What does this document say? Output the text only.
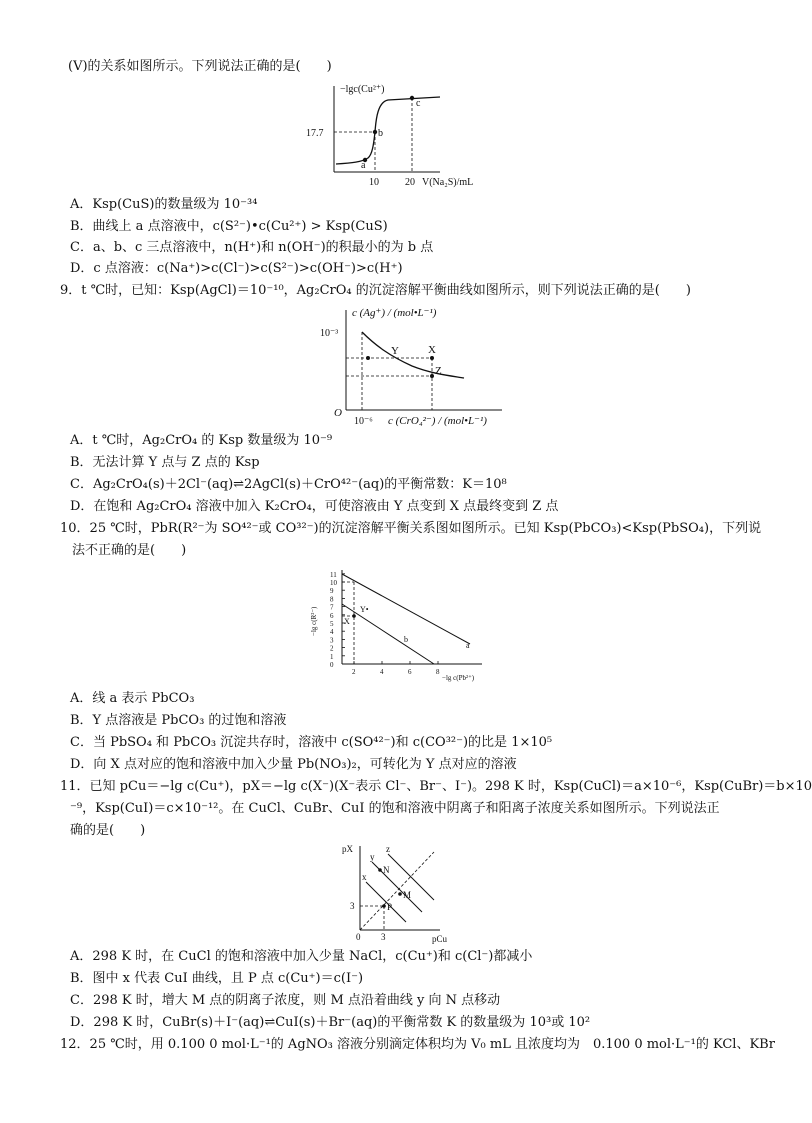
(V)的关系如图所示。下列说法正确的是(　　)
−lgc(Cu²⁺)
17.7
a
b
c
10	20 V(Na₂S)/mL
A．Ksp(CuS)的数量级为 10⁻³⁴
B．曲线上 a 点溶液中，c(S²⁻)•c(Cu²⁺) > Ksp(CuS)
C．a、b、c 三点溶液中，n(H⁺)和 n(OH⁻)的积最小的为 b 点
D．c 点溶液：c(Na⁺)>c(Cl⁻)>c(S²⁻)>c(OH⁻)>c(H⁺)
9．t ℃时，已知：Ksp(AgCl)＝10⁻¹⁰，Ag₂CrO₄ 的沉淀溶解平衡曲线如图所示，则下列说法正确的是(　　)
c (Ag⁺) / (mol•L⁻¹)
10⁻³
Y	X
Z
O
10⁻⁶ c (CrO₄²⁻) / (mol•L⁻¹)
A．t ℃时，Ag₂CrO₄ 的 Ksp 数量级为 10⁻⁹
B．无法计算 Y 点与 Z 点的 Ksp
C．Ag₂CrO₄(s)＋2Cl⁻(aq)⇌2AgCl(s)＋CrO⁴²⁻(aq)的平衡常数：K＝10⁸
D．在饱和 Ag₂CrO₄ 溶液中加入 K₂CrO₄，可使溶液由 Y 点变到 X 点最终变到 Z 点
10．25 ℃时，PbR(R²⁻为 SO⁴²⁻或 CO³²⁻)的沉淀溶解平衡关系图如图所示。已知 Ksp(PbCO₃)<Ksp(PbSO₄)，下列说
法不正确的是(　　)
0
1
2
3
4
5
6
7
8
9
10
11
2	4	6	8
X
Y•
a
b
−lg c(R²⁻)
−lg c(Pb²⁺)
A．线 a 表示 PbCO₃
B．Y 点溶液是 PbCO₃ 的过饱和溶液
C．当 PbSO₄ 和 PbCO₃ 沉淀共存时，溶液中 c(SO⁴²⁻)和 c(CO³²⁻)的比是 1×10⁵
D．向 X 点对应的饱和溶液中加入少量 Pb(NO₃)₂，可转化为 Y 点对应的溶液
11．已知 pCu＝−lg c(Cu⁺)，pX＝−lg c(X⁻)(X⁻表示 Cl⁻、Br⁻、I⁻)。298 K 时，Ksp(CuCl)＝a×10⁻⁶，Ksp(CuBr)＝b×10
⁻⁹，Ksp(CuI)＝c×10⁻¹²。在 CuCl、CuBr、CuI 的饱和溶液中阴离子和阳离子浓度关系如图所示。下列说法正
确的是(　　)
pX
pCu
0
3
3
x
y
z
N
M
P
A．298 K 时，在 CuCl 的饱和溶液中加入少量 NaCl，c(Cu⁺)和 c(Cl⁻)都减小
B．图中 x 代表 CuI 曲线，且 P 点 c(Cu⁺)＝c(I⁻)
C．298 K 时，增大 M 点的阴离子浓度，则 M 点沿着曲线 y 向 N 点移动
D．298 K 时，CuBr(s)＋I⁻(aq)⇌CuI(s)＋Br⁻(aq)的平衡常数 K 的数量级为 10³或 10²
12．25 ℃时，用 0.100 0 mol·L⁻¹的 AgNO₃ 溶液分别滴定体积均为 V₀ mL 且浓度均为　0.100 0 mol·L⁻¹的 KCl、KBr
